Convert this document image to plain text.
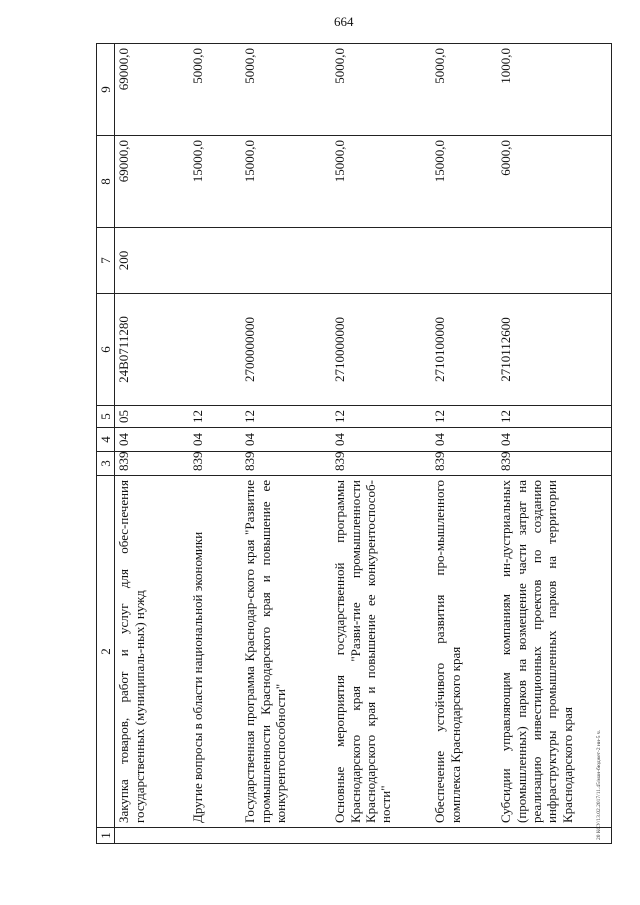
664
20 КСУ/13.02.2017/11.45/ман-бюджет-2 ни-5 ч.
1	2	3	4	5	6	7	8	9
	Закупка товаров, работ и услуг для обес-печения государственных (муниципаль-ных) нужд	839	04	05	24В0711280	200	69000,0	69000,0
	Другие вопросы в области национальной экономики	839	04	12			15000,0	5000,0
	Государственная программа Краснодар-ского края "Развитие промышленности Краснодарского края и повышение ее конкурентоспособности"	839	04	12	2700000000		15000,0	5000,0
	Основные мероприятия государственной программы Краснодарского края "Разви-тие промышленности Краснодарского края и повышение ее конкурентоспособ-ности"	839	04	12	2710000000		15000,0	5000,0
	Обеспечение устойчивого развития про-мышленного комплекса Краснодарского края	839	04	12	2710100000		15000,0	5000,0
	Субсидии управляющим компаниям ин-дустриальных (промышленных) парков на возмещение части затрат на реализацию инвестиционных проектов по созданию инфраструктуры промышленных парков на территории Краснодарского края	839	04	12	2710112600		6000,0	1000,0
